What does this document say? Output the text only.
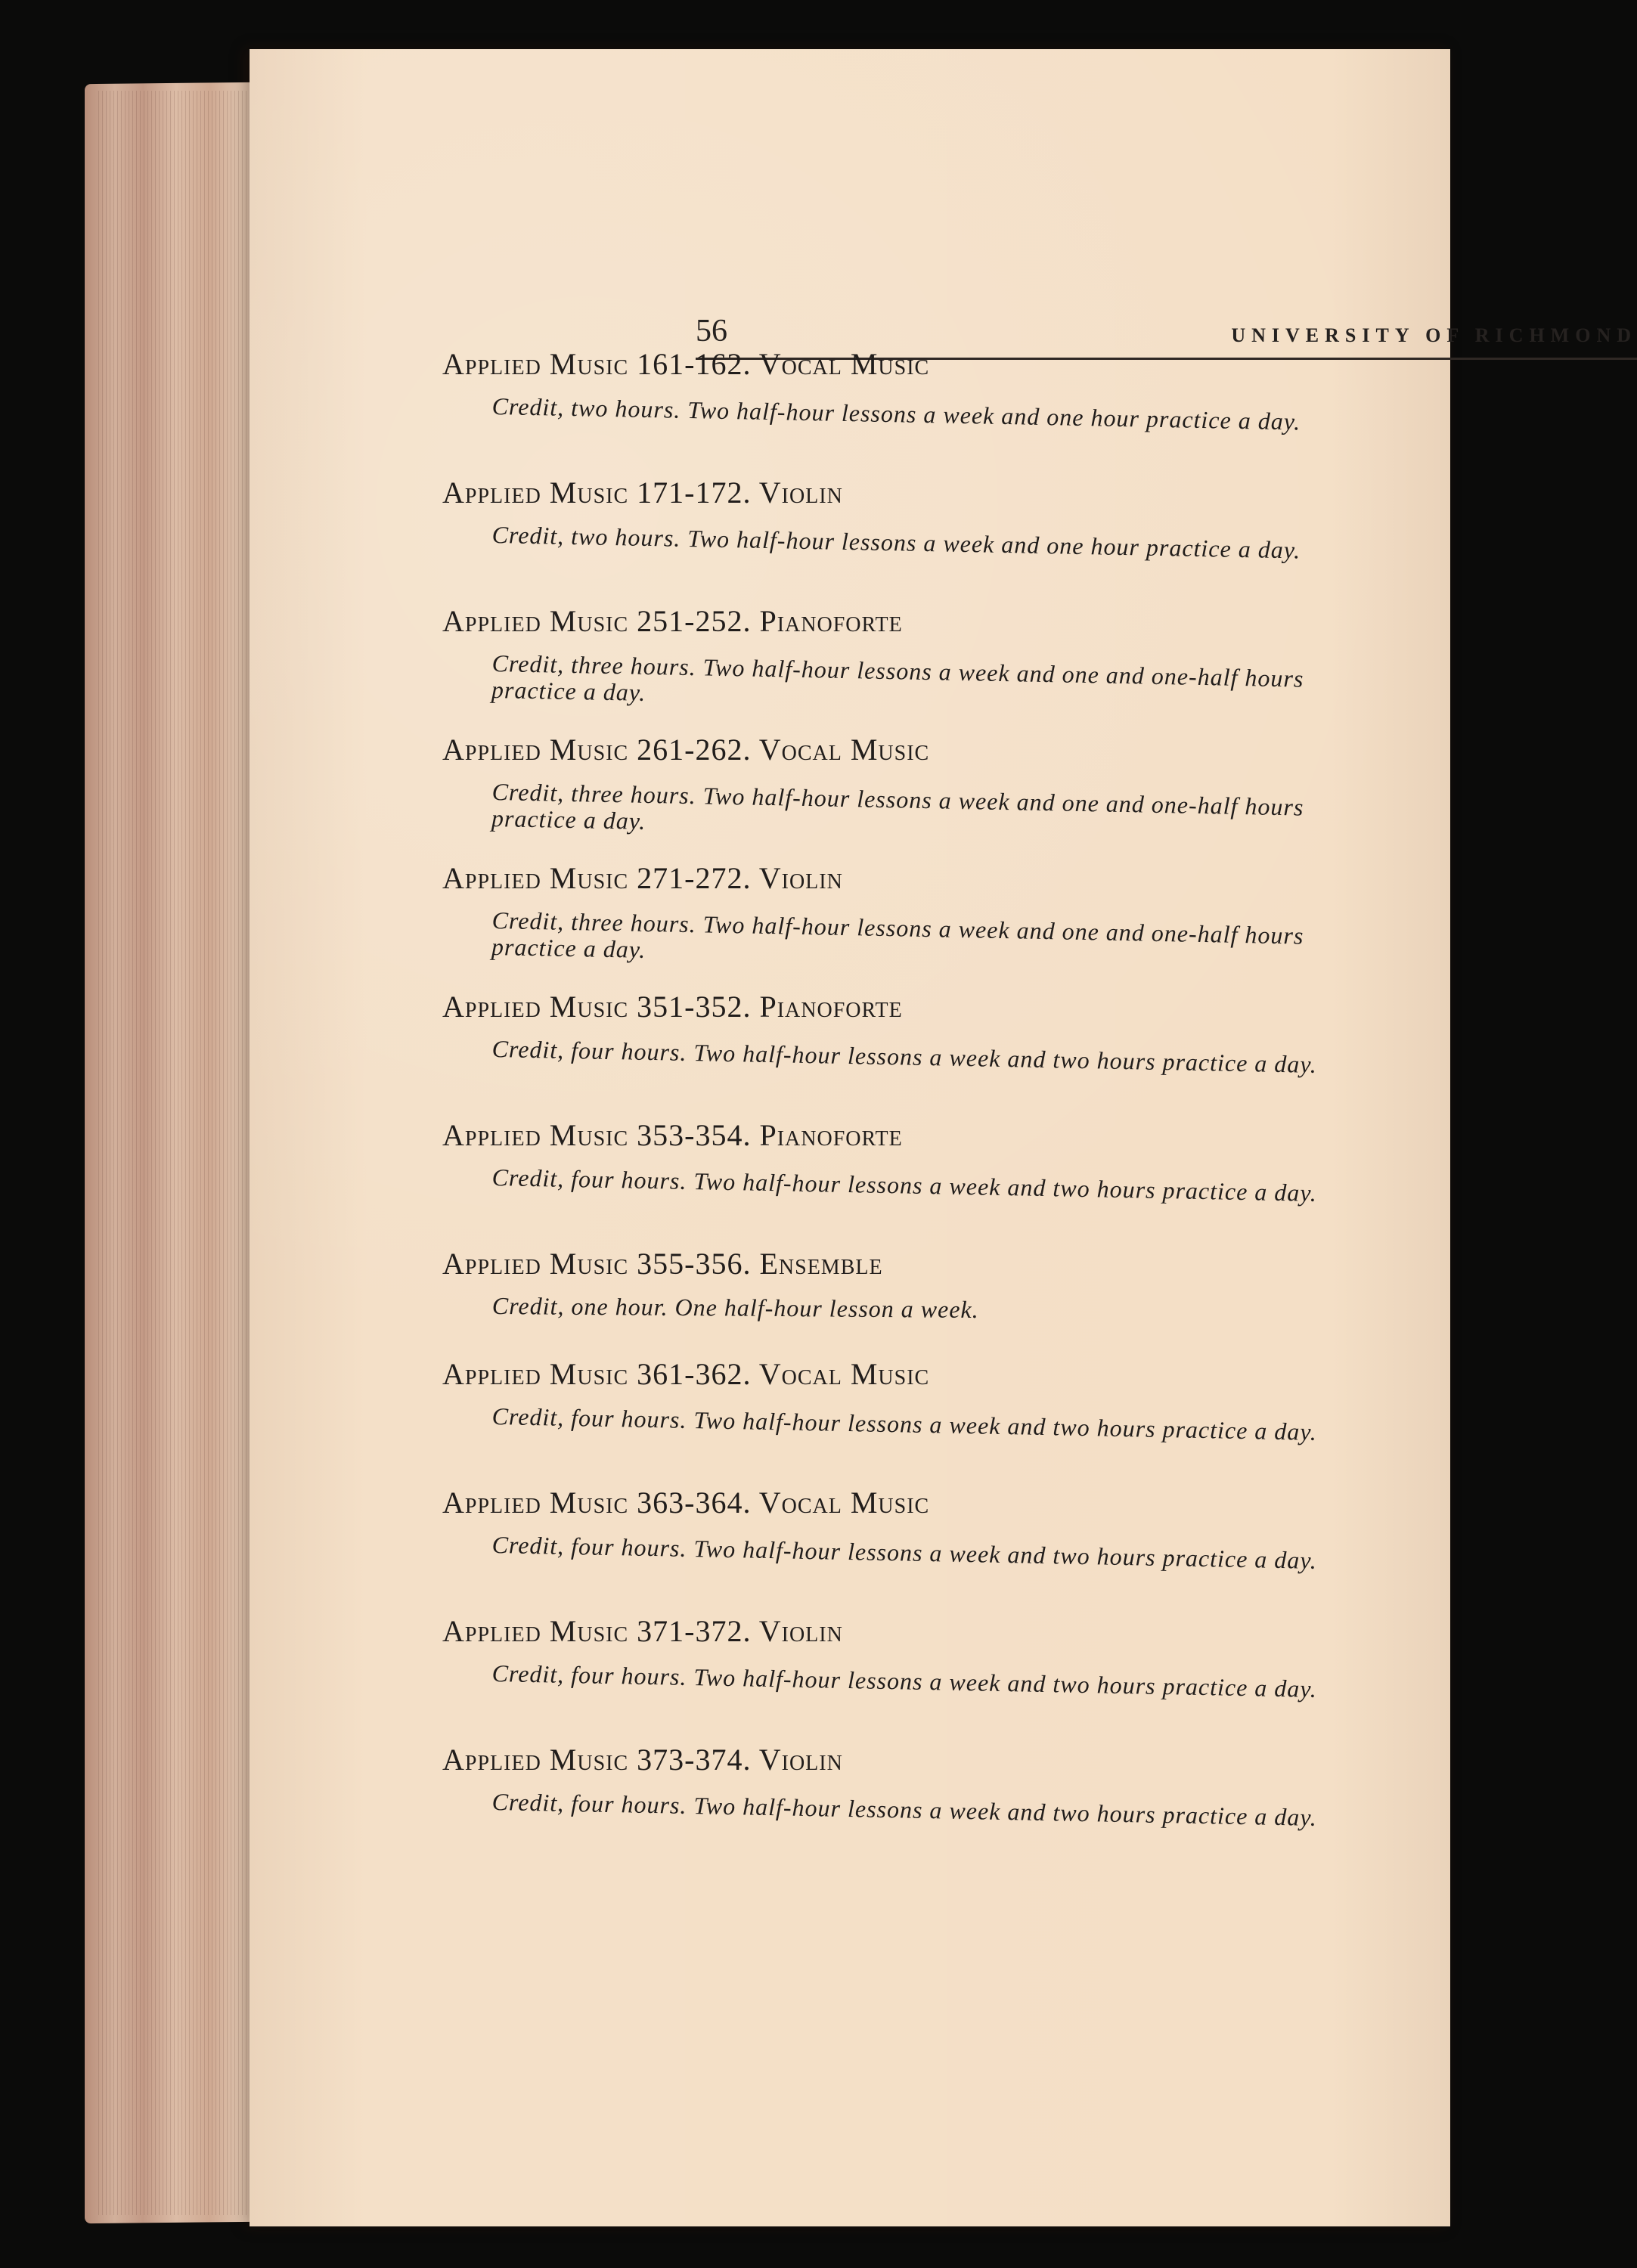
56	UNIVERSITY OF RICHMOND
Applied Music 161-162. Vocal Music
Credit, two hours. Two half-hour lessons a week and one hour practice a day.
Applied Music 171-172. Violin
Credit, two hours. Two half-hour lessons a week and one hour practice a day.
Applied Music 251-252. Pianoforte
Credit, three hours. Two half-hour lessons a week and one and one-half hours practice a day.
Applied Music 261-262. Vocal Music
Credit, three hours. Two half-hour lessons a week and one and one-half hours practice a day.
Applied Music 271-272. Violin
Credit, three hours. Two half-hour lessons a week and one and one-half hours practice a day.
Applied Music 351-352. Pianoforte
Credit, four hours. Two half-hour lessons a week and two hours practice a day.
Applied Music 353-354. Pianoforte
Credit, four hours. Two half-hour lessons a week and two hours practice a day.
Applied Music 355-356. Ensemble
Credit, one hour. One half-hour lesson a week.
Applied Music 361-362. Vocal Music
Credit, four hours. Two half-hour lessons a week and two hours practice a day.
Applied Music 363-364. Vocal Music
Credit, four hours. Two half-hour lessons a week and two hours practice a day.
Applied Music 371-372. Violin
Credit, four hours. Two half-hour lessons a week and two hours practice a day.
Applied Music 373-374. Violin
Credit, four hours. Two half-hour lessons a week and two hours practice a day.
